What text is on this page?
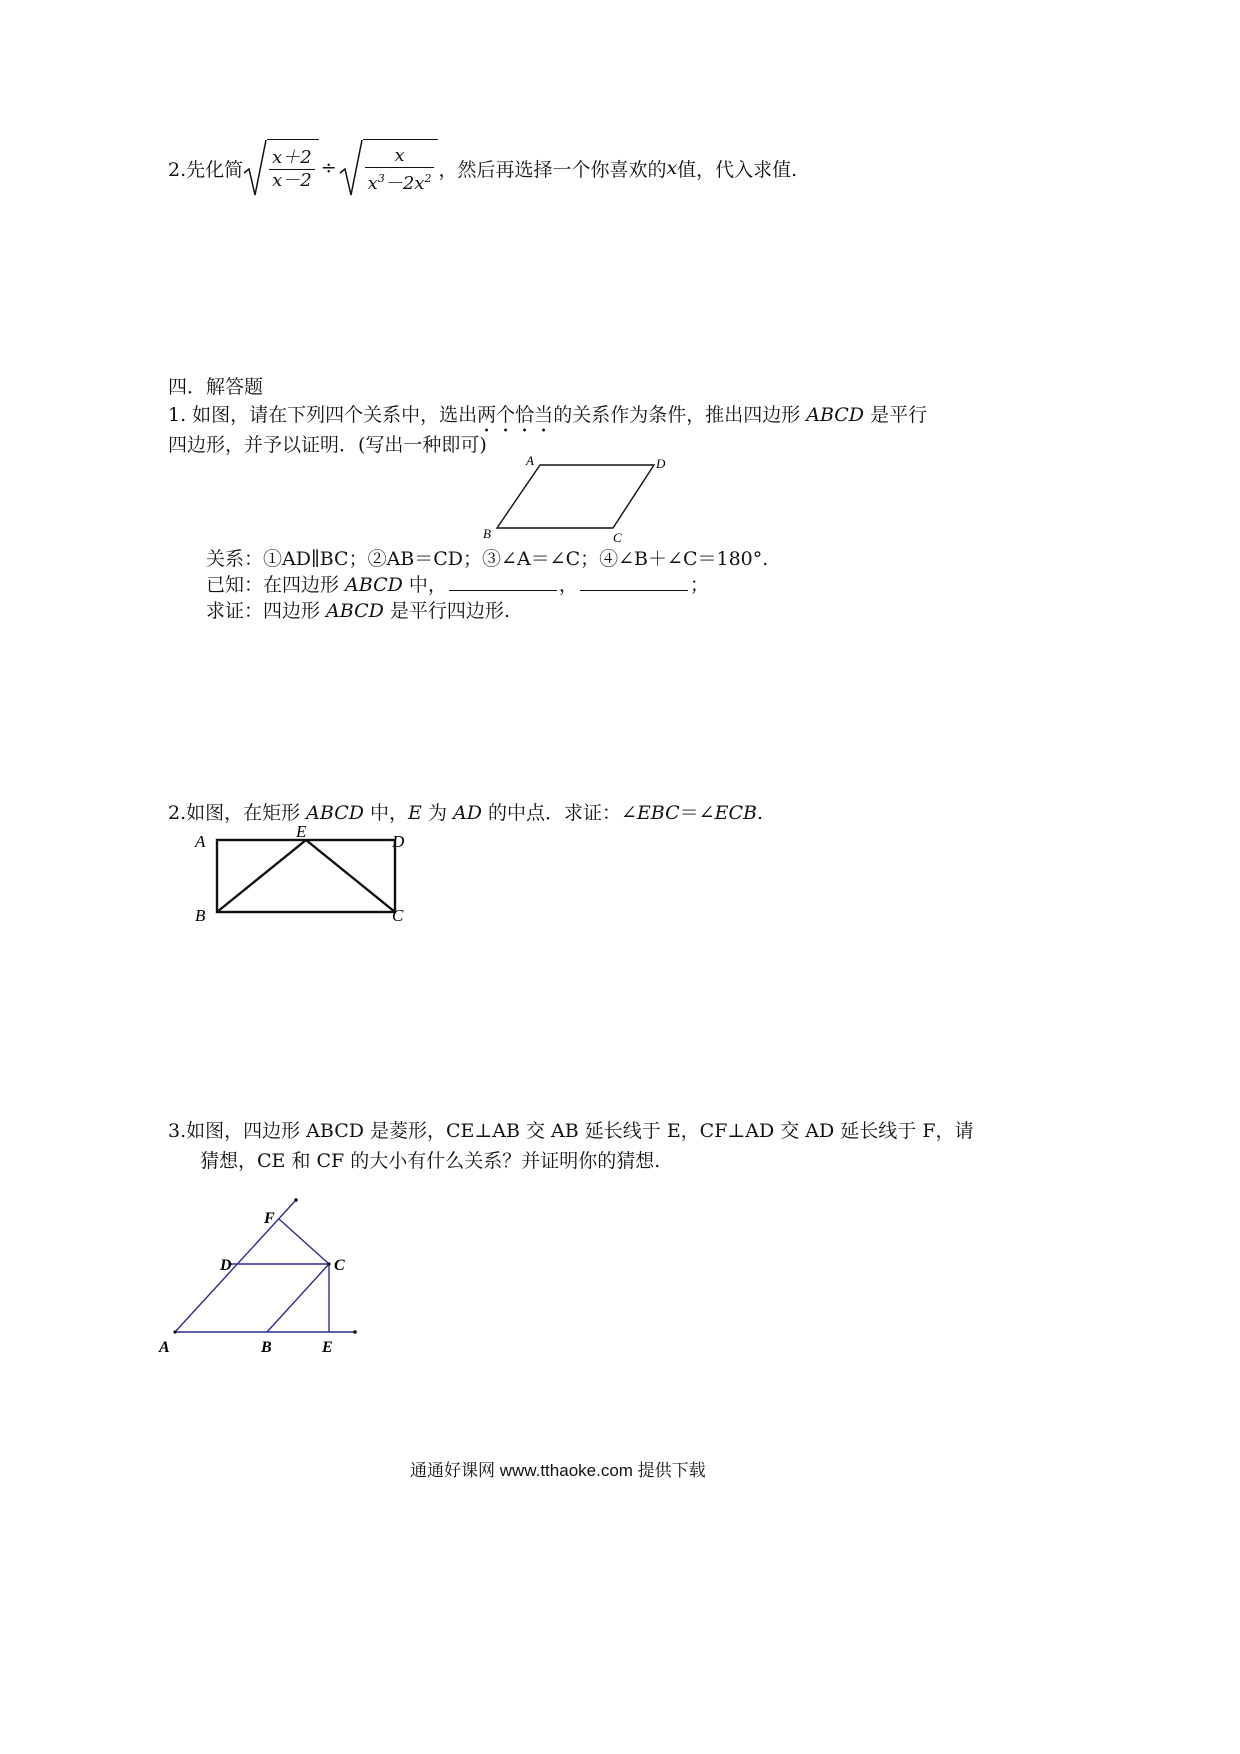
2.先化简 $\frac{x+2}{x-2} \div \frac{x}{x^3-2x^2}$ ，然后再选择一个你喜欢的 x 值，代入求值.
四．解答题
1. 如图，请在下列四个关系中，选出两个恰当的关系作为条件，推出四边形 ABCD 是平行
四边形，并予以证明．(写出一种即可)
A	D
B	C
关系：①AD∥BC；②AB＝CD；③∠A＝∠C；④∠B＋∠C＝180°.
已知：在四边形 ABCD 中，	，	；
求证：四边形 ABCD 是平行四边形.
2.如图，在矩形 ABCD 中，E 为 AD 的中点．求证：∠EBC＝∠ECB.
A
E
D
B	C
3.如图，四边形 ABCD 是菱形，CE⊥AB 交 AB 延长线于 E，CF⊥AD 交 AD 延长线于 F，请
猜想，CE 和 CF 的大小有什么关系？并证明你的猜想.
F
D	C
A	B	E
通通好课网 www.tthaoke.com 提供下载
